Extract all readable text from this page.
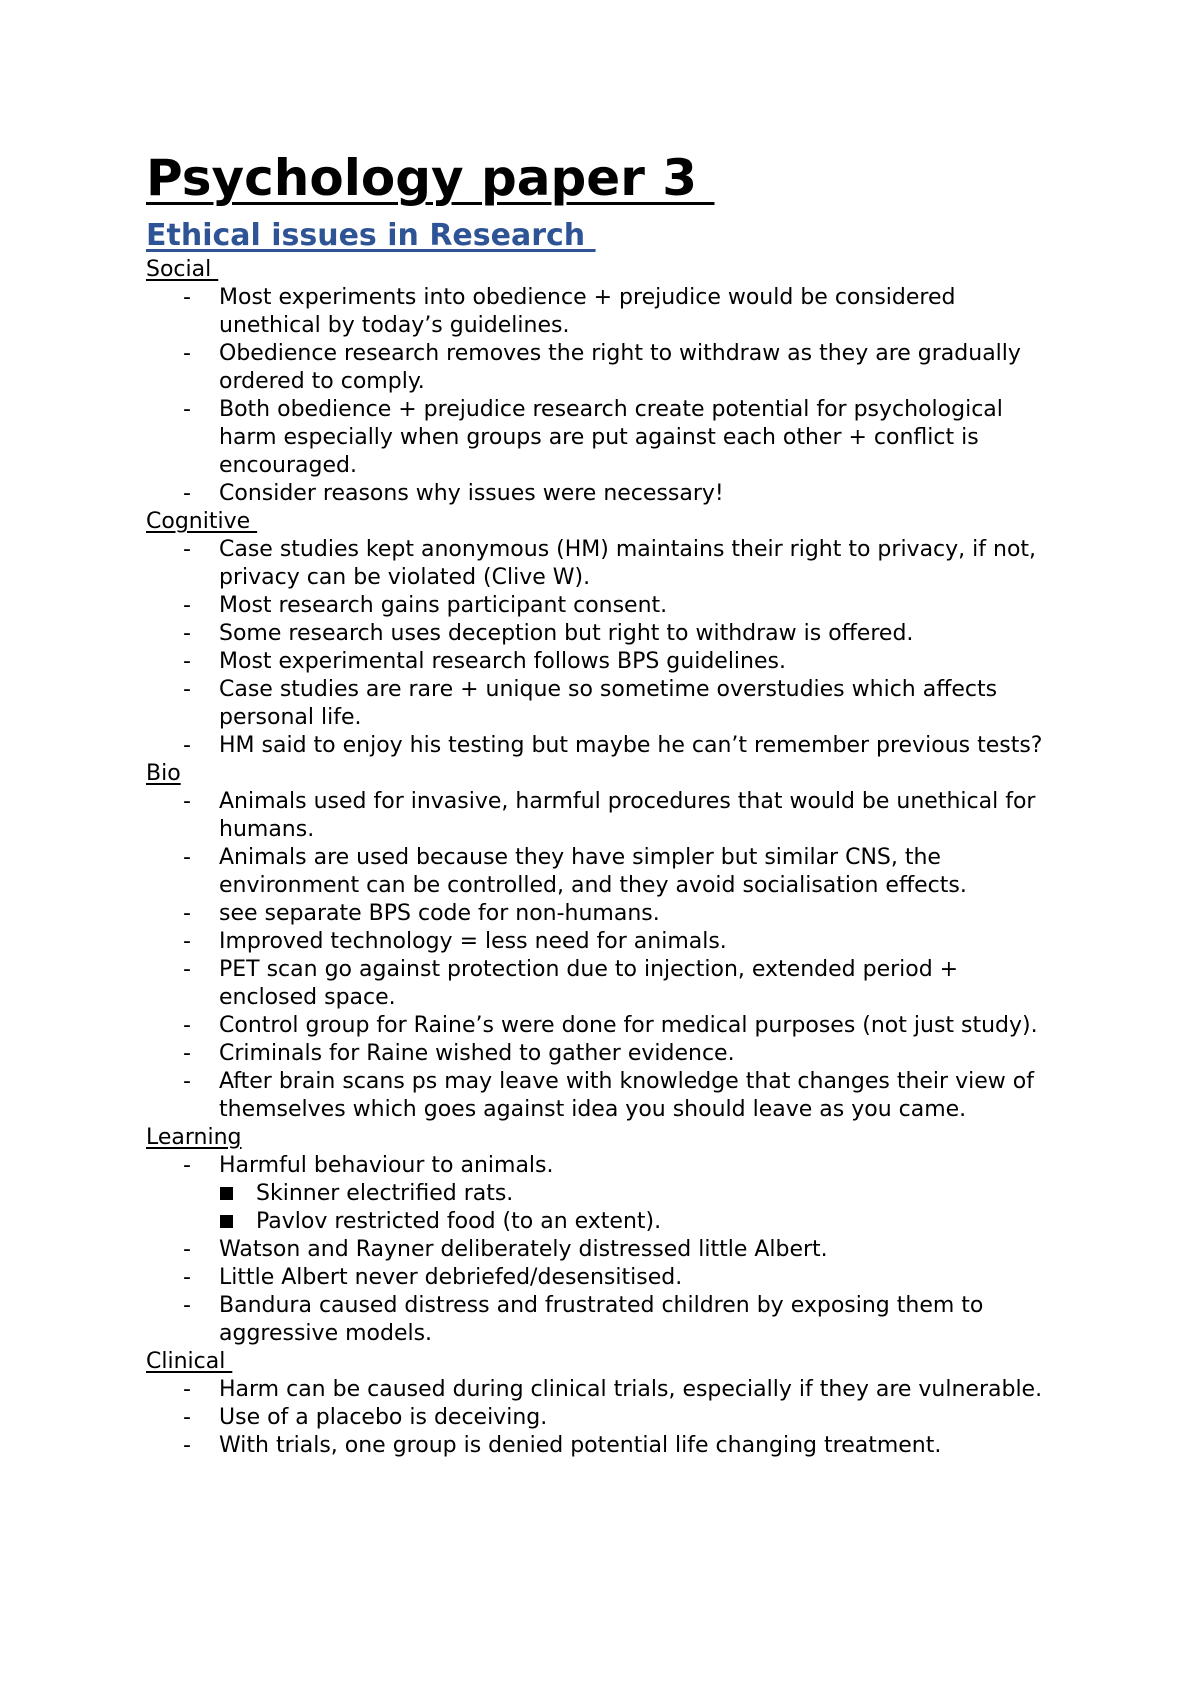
Psychology paper 3
Ethical issues in Research
Social
-	Most experiments into obedience + prejudice would be considered unethical by today’s guidelines.
-	Obedience research removes the right to withdraw as they are gradually ordered to comply.
-	Both obedience + prejudice research create potential for psychological harm especially when groups are put against each other + conflict is encouraged.
-	Consider reasons why issues were necessary!
Cognitive
-	Case studies kept anonymous (HM) maintains their right to privacy, if not, privacy can be violated (Clive W).
-	Most research gains participant consent.
-	Some research uses deception but right to withdraw is offered.
-	Most experimental research follows BPS guidelines.
-	Case studies are rare + unique so sometime overstudies which affects personal life.
-	HM said to enjoy his testing but maybe he can’t remember previous tests?
Bio
-	Animals used for invasive, harmful procedures that would be unethical for humans.
-	Animals are used because they have simpler but similar CNS, the environment can be controlled, and they avoid socialisation effects.
-	see separate BPS code for non-humans.
-	Improved technology = less need for animals.
-	PET scan go against protection due to injection, extended period + enclosed space.
-	Control group for Raine’s were done for medical purposes (not just study).
-	Criminals for Raine wished to gather evidence.
-	After brain scans ps may leave with knowledge that changes their view of themselves which goes against idea you should leave as you came.
Learning
-	Harmful behaviour to animals.
Skinner electrified rats.
Pavlov restricted food (to an extent).
-	Watson and Rayner deliberately distressed little Albert.
-	Little Albert never debriefed/desensitised.
-	Bandura caused distress and frustrated children by exposing them to aggressive models.
Clinical
-	Harm can be caused during clinical trials, especially if they are vulnerable.
-	Use of a placebo is deceiving.
-	With trials, one group is denied potential life changing treatment.
